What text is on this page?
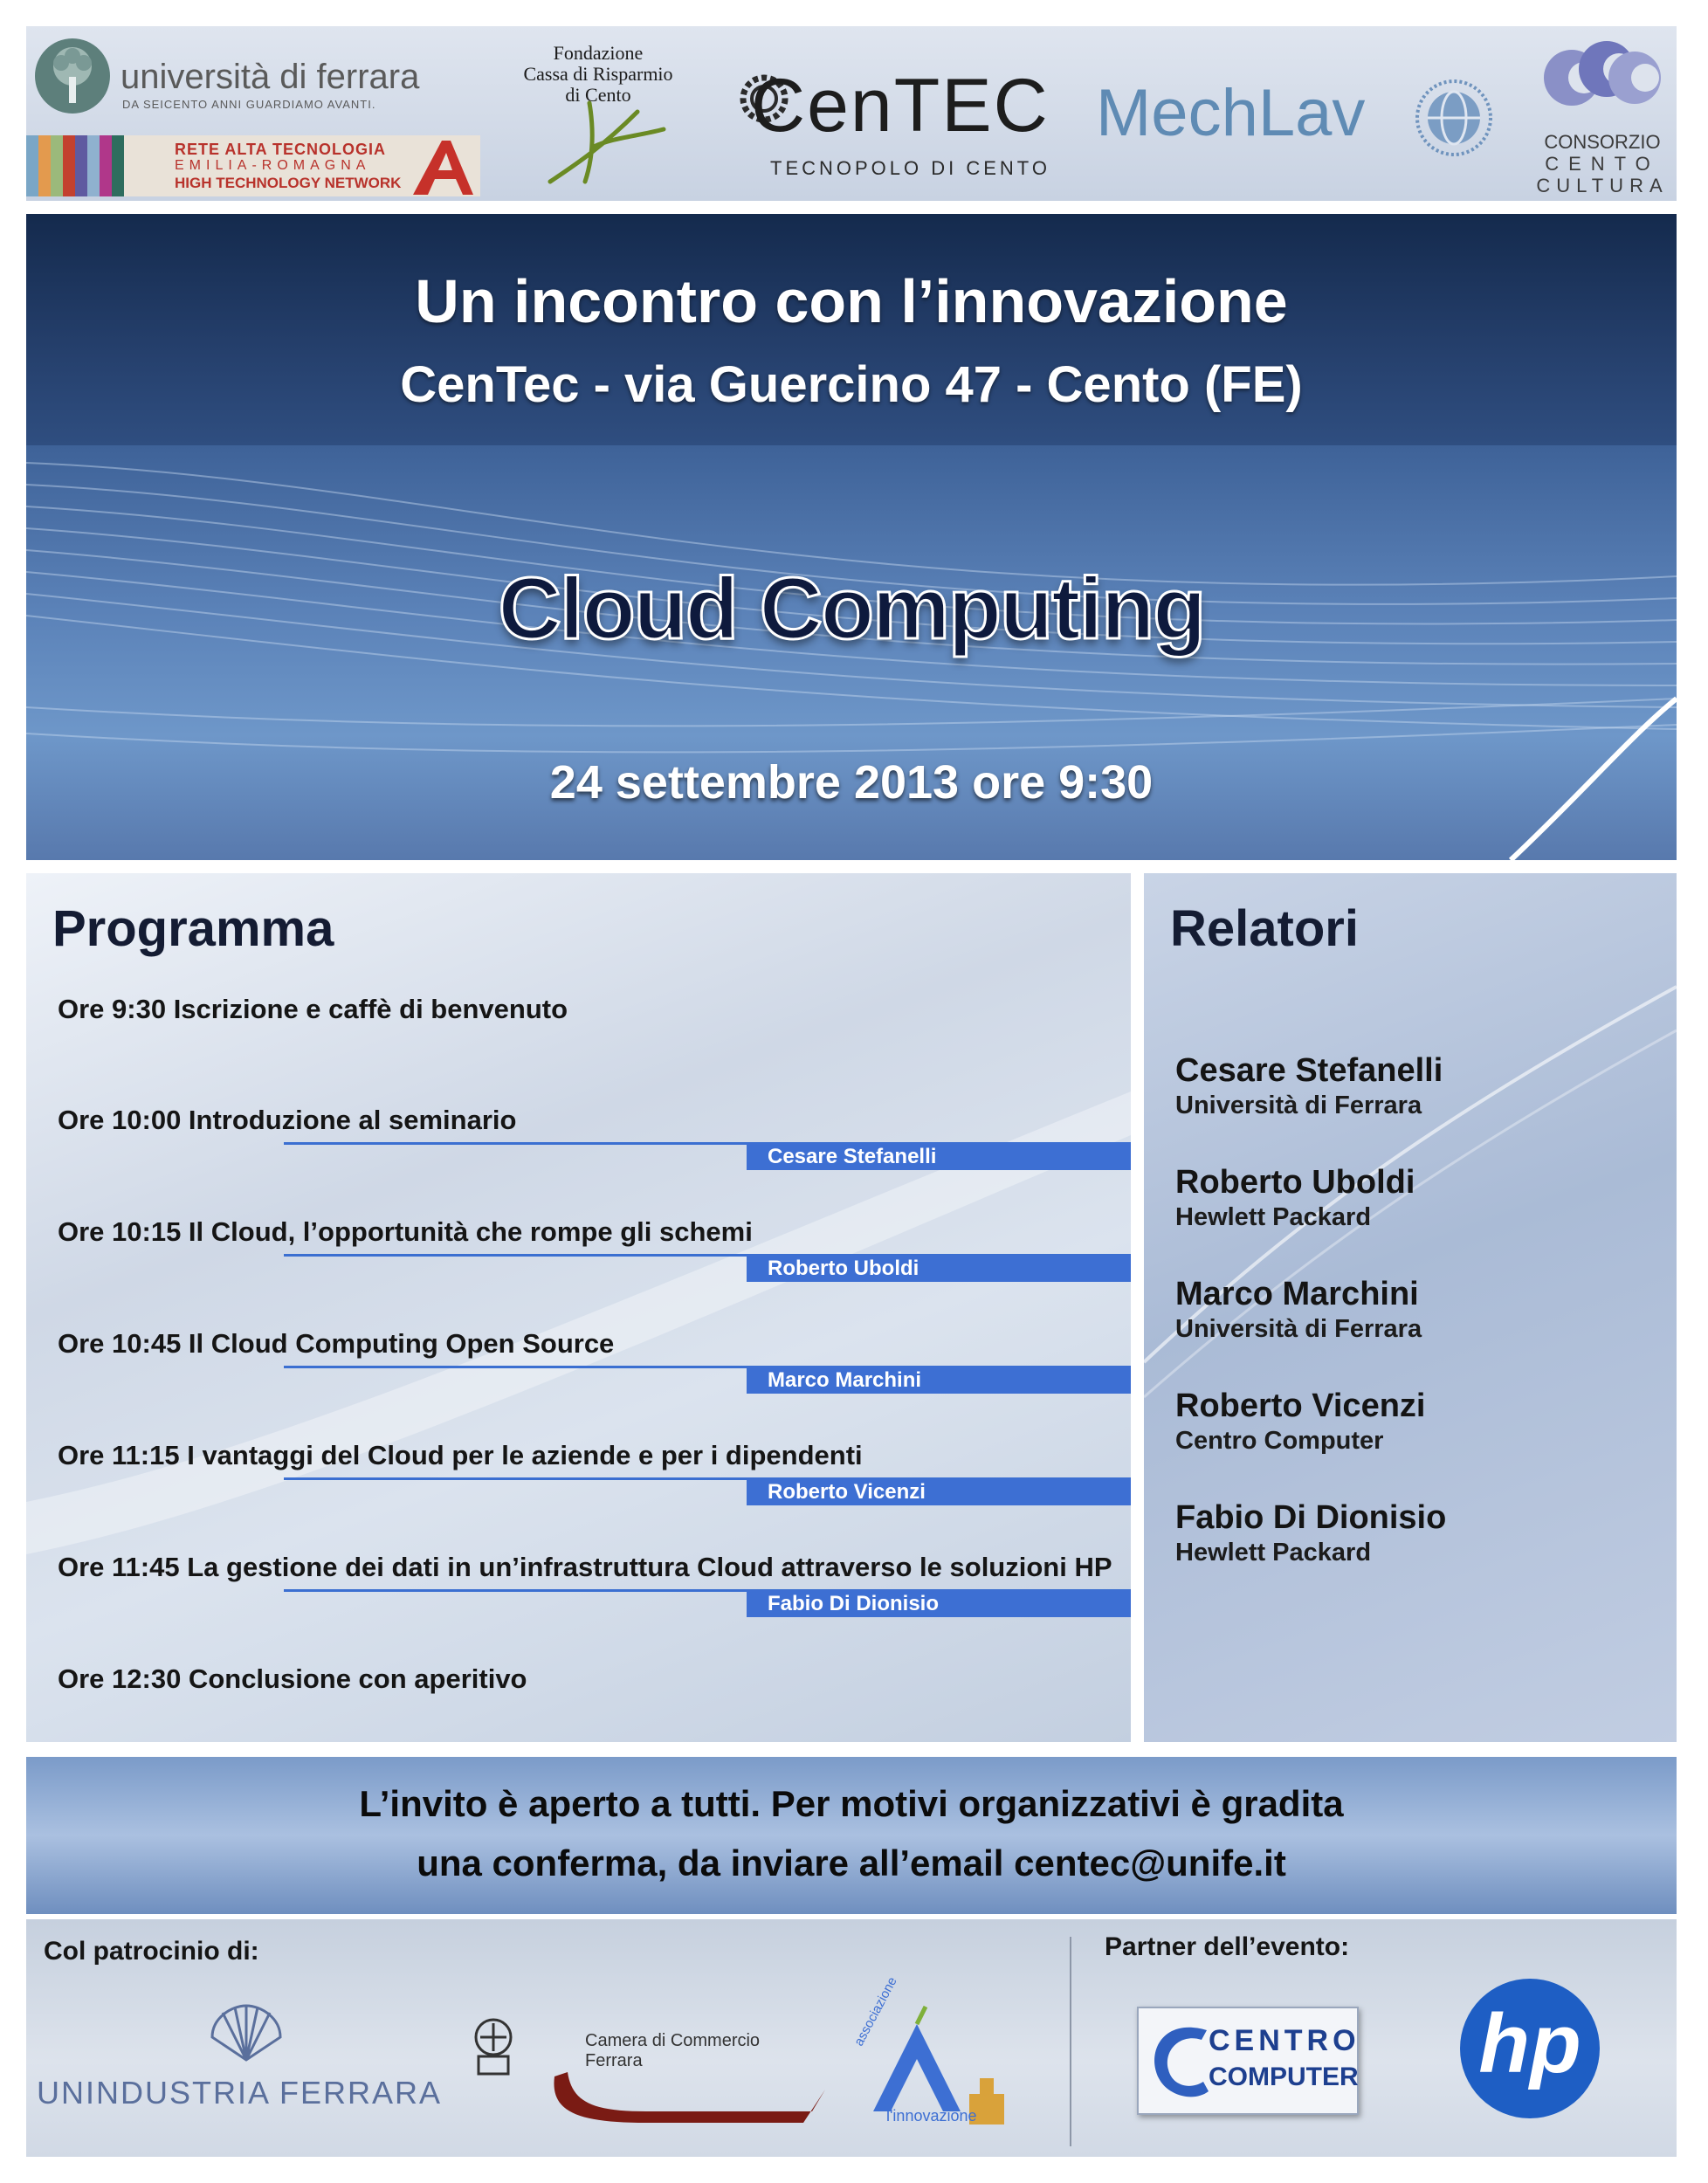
università di ferrara
DA SEICENTO ANNI GUARDIAMO AVANTI.
RETE ALTA TECNOLOGIA
EMILIA-ROMAGNA
HIGH TECHNOLOGY NETWORK
Fondazione
Cassa di Risparmio
di Cento	CenTEC
TECNOPOLO DI CENTO
MechLav	CONSORZIO
CENTO
CULTURA
Un incontro con l’innovazione
CenTec - via Guercino 47 - Cento (FE)
Cloud Computing
24 settembre 2013 ore 9:30
Programma
Ore 9:30 Iscrizione e caffè di benvenuto
Ore 10:00 Introduzione al seminario
Cesare Stefanelli
Ore 10:15 Il Cloud, l’opportunità che rompe gli schemi
Roberto Uboldi
Ore 10:45 Il Cloud Computing Open Source
Marco Marchini
Ore 11:15 I vantaggi del Cloud per le aziende e per i dipendenti
Roberto Vicenzi
Ore 11:45 La gestione dei dati in un’infrastruttura Cloud attraverso le soluzioni HP
Fabio Di Dionisio
Ore 12:30 Conclusione con aperitivo
Relatori
Cesare Stefanelli
Università di Ferrara
Roberto Uboldi
Hewlett Packard
Marco Marchini
Università di Ferrara
Roberto Vicenzi
Centro Computer
Fabio Di Dionisio
Hewlett Packard
L’invito è aperto a tutti. Per motivi organizzativi è gradita
una conferma, da inviare all’email centec@unife.it
Col patrocinio di:	Partner dell’evento:
UNINDUSTRIA FERRARA
Camera di Commercio
Ferrara
l'innovazione
associazione	CENTRO
COMPUTER hp
